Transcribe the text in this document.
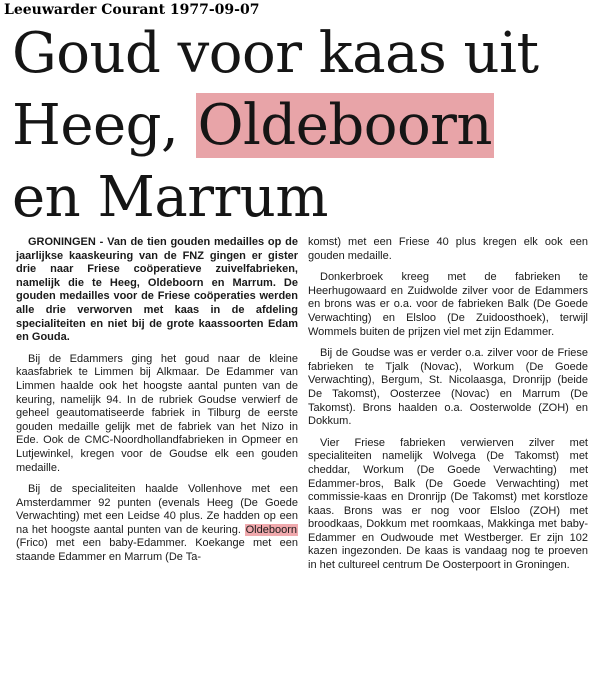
Leeuwarder Courant 1977-09-07
Goud voor kaas uit
Heeg, Oldeboorn
en Marrum

GRONINGEN - Van de tien gouden medailles op de jaarlijkse kaaskeuring van de FNZ gingen er gister drie naar Friese coöperatieve zuivelfabrieken, namelijk die te Heeg, Oldeboorn en Marrum. De gouden medailles voor de Friese coöperaties werden alle drie verworven met kaas in de afdeling specialiteiten en niet bij de grote kaassoorten Edam en Gouda.

Bij de Edammers ging het goud naar de kleine kaasfabriek te Limmen bij Alkmaar. De Edammer van Limmen haalde ook het hoogste aantal punten van de keuring, namelijk 94. In de rubriek Goudse verwierf de geheel geautomatiseerde fabriek in Tilburg de eerste gouden medaille gelijk met de fabriek van het Nizo in Ede. Ook de CMC-Noordhollandfabrieken in Opmeer en Lutjewinkel, kregen voor de Goudse elk een gouden medaille.

Bij de specialiteiten haalde Vollenhove met een Amsterdammer 92 punten (evenals Heeg (De Goede Verwachting) met een Leidse 40 plus. Ze hadden op een na het hoogste aantal punten van de keuring. Oldeboorn (Frico) met een baby-Edammer. Koekange met een staande Edammer en Marrum (De Ta-

komst) met een Friese 40 plus kregen elk ook een gouden medaille.

Donkerbroek kreeg met de fabrieken te Heerhugowaard en Zuidwolde zilver voor de Edammers en brons was er o.a. voor de fabrieken Balk (De Goede Verwachting) en Elsloo (De Zuidoosthoek), terwijl Wommels buiten de prijzen viel met zijn Edammer.

Bij de Goudse was er verder o.a. zilver voor de Friese fabrieken te Tjalk (Novac), Workum (De Goede Verwachting), Bergum, St. Nicolaasga, Dronrijp (beide De Takomst), Oosterzee (Novac) en Marrum (De Takomst). Brons haalden o.a. Oosterwolde (ZOH) en Dokkum.

Vier Friese fabrieken verwierven zilver met specialiteiten namelijk Wolvega (De Takomst) met cheddar, Workum (De Goede Verwachting) met Edammer-bros, Balk (De Goede Verwachting) met commissie-kaas en Dronrijp (De Takomst) met korstloze kaas. Brons was er nog voor Elsloo (ZOH) met broodkaas, Dokkum met roomkaas, Makkinga met baby-Edammer en Oudwoude met Westberger. Er zijn 102 kazen ingezonden. De kaas is vandaag nog te proeven in het cultureel centrum De Oosterpoort in Groningen.
